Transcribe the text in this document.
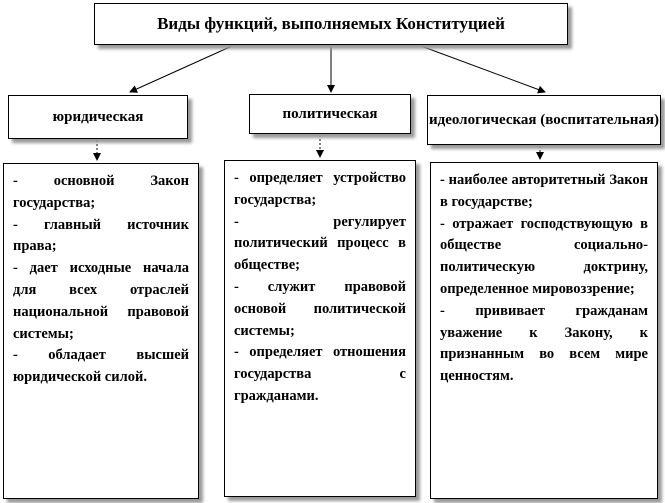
Виды функций, выполняемых Конституцией
юридическая	политическая	идеологическая (воспитательная)
- основной Закон государства;
- главный источник права;
- дает исходные начала для всех отраслей национальной правовой системы;
- обладает высшей юридической силой.
- определяет устройство государства;
- регулирует политический процесс в обществе;
- служит правовой основой политической системы;
- определяет отношения государства с гражданами.
- наиболее авторитетный Закон в государстве;
- отражает господствующую в обществе социально-политическую доктрину, определенное мировоззрение;
- прививает гражданам уважение к Закону, к признанным во всем мире ценностям.
